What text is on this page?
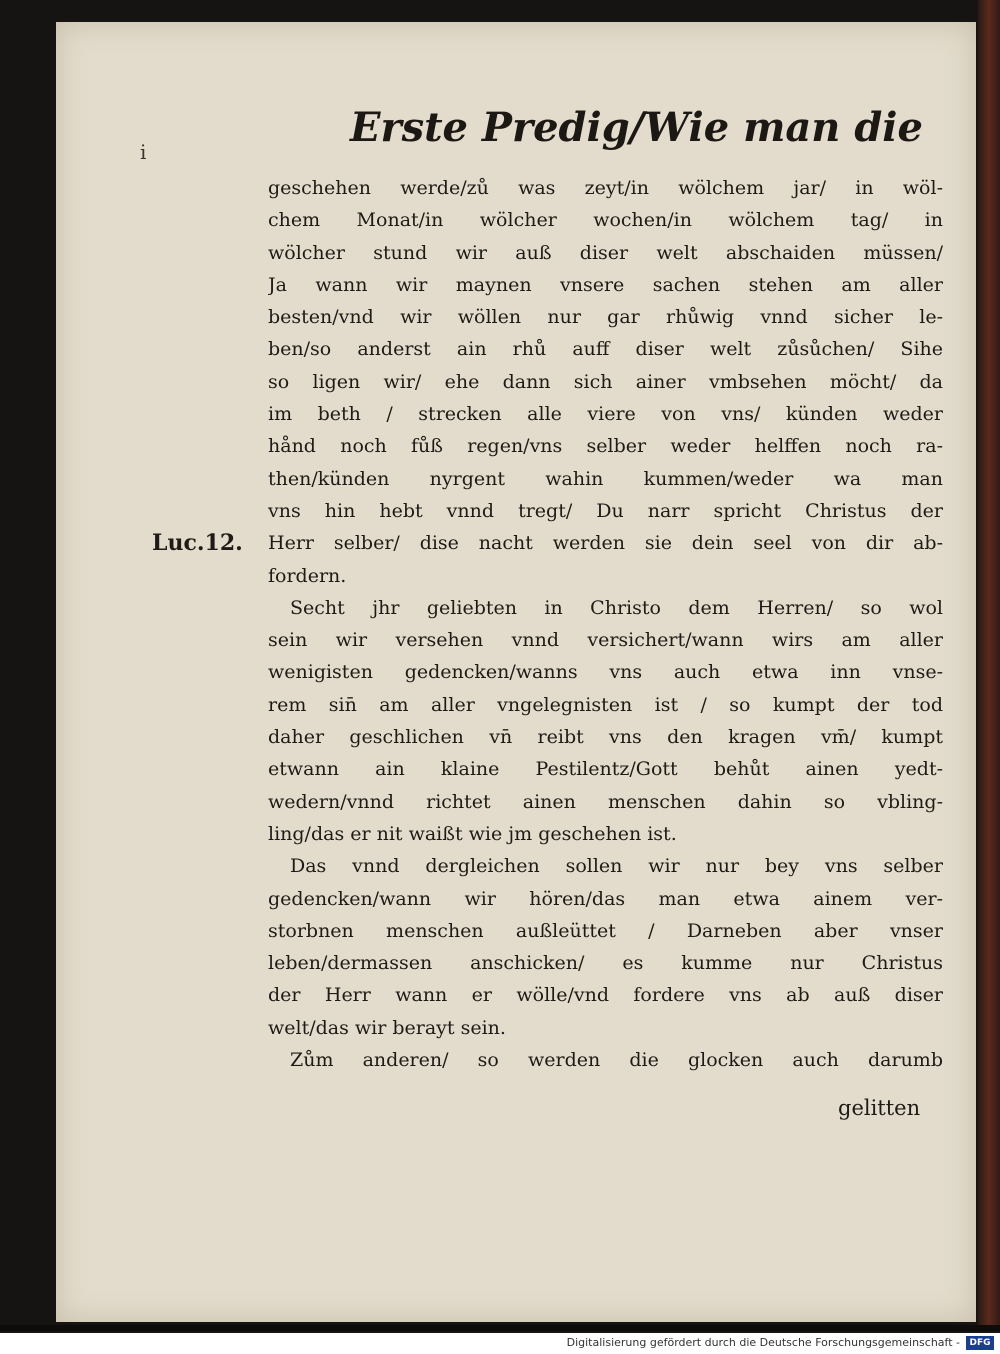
Erste Predig/Wie man die
i
Luc.12.
geschehen werde/zů was zeyt/in wölchem jar/ in wöl‑
chem Monat/in wölcher wochen/in wölchem tag/ in
wölcher stund wir auß diser welt abschaiden müssen/
Ja wann wir maynen vnsere sachen stehen am aller
besten/vnd wir wöllen nur gar rhůwig vnnd sicher le‑
ben/so anderst ain rhů auff diser welt zůsůchen/ Sihe
so ligen wir/ ehe dann sich ainer vmbsehen möcht/ da
im beth / strecken alle viere von vns/ künden weder
hånd noch fůß regen/vns selber weder helffen noch ra‑
then/künden nyrgent wahin kummen/weder wa man
vns hin hebt vnnd tregt/ Du narr spricht Christus der
Herr selber/ dise nacht werden sie dein seel von dir ab‑
fordern.
Secht jhr geliebten in Christo dem Herren/ so wol
sein wir versehen vnnd versichert/wann wirs am aller
wenigisten gedencken/wanns vns auch etwa inn vnse‑
rem sin̄ am aller vngelegnisten ist / so kumpt der tod
daher geschlichen vn̄ reibt vns den kragen vm̄/ kumpt
etwann ain klaine Pestilentz/Gott behůt ainen yedt‑
wedern/vnnd richtet ainen menschen dahin so vbling‑
ling/das er nit waißt wie jm geschehen ist.
Das vnnd dergleichen sollen wir nur bey vns selber
gedencken/wann wir hören/das man etwa ainem ver‑
storbnen menschen außleüttet / Darneben aber vnser
leben/dermassen anschicken/ es kumme nur Christus
der Herr wann er wölle/vnd fordere vns ab auß diser
welt/das wir berayt sein.
Zům anderen/ so werden die glocken auch darumb
gelitten
Digitalisierung gefördert durch die Deutsche Forschungsgemeinschaft -	DFG
